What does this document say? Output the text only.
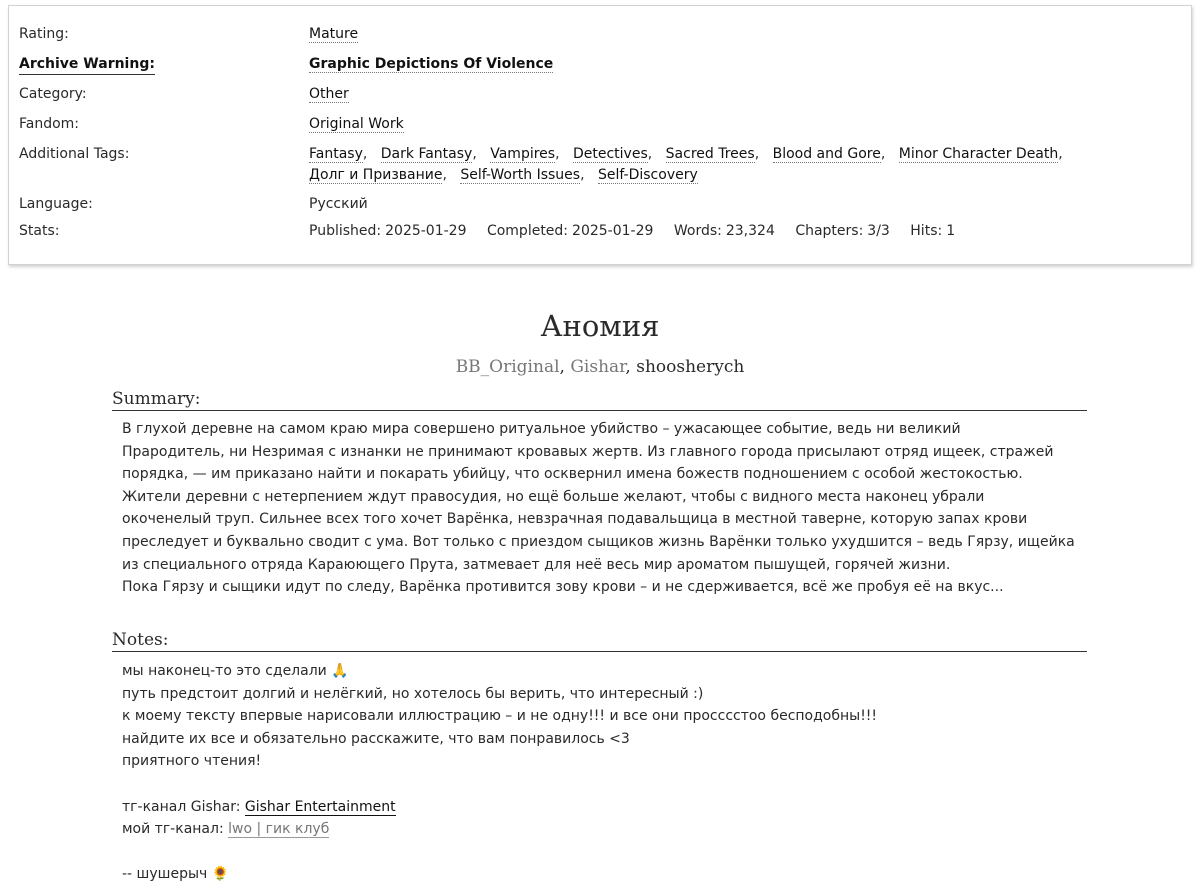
Rating:	Mature
Archive Warning:	Graphic Depictions Of Violence
Category:	Other
Fandom:	Original Work
Additional Tags:	Fantasy, Dark Fantasy, Vampires, Detectives, Sacred Trees, Blood and Gore, Minor Character Death, Долг и Призвание, Self-Worth Issues, Self-Discovery
Language:	Русский
Stats:	Published: 2025-01-29 Completed: 2025-01-29 Words: 23,324 Chapters: 3/3 Hits: 1
Аномия
BB_Original, Gishar, shoosherych
Summary:

В глухой деревне на самом краю мира совершено ритуальное убийство – ужасающее событие, ведь ни великий

Прародитель, ни Незримая с изнанки не принимают кровавых жертв. Из главного города присылают отряд ищеек, стражей

порядка, — им приказано найти и покарать убийцу, что осквернил имена божеств подношением с особой жестокостью.

Жители деревни с нетерпением ждут правосудия, но ещё больше желают, чтобы с видного места наконец убрали

окоченелый труп. Сильнее всех того хочет Варёнка, невзрачная подавальщица в местной таверне, которую запах крови

преследует и буквально сводит с ума. Вот только с приездом сыщиков жизнь Варёнки только ухудшится – ведь Гярзу, ищейка

из специального отряда Караюющего Прута, затмевает для неё весь мир ароматом пышущей, горячей жизни.

Пока Гярзу и сыщики идут по следу, Варёнка противится зову крови – и не сдерживается, всё же пробуя её на вкус...

Notes:

мы наконец-то это сделали 🙏

путь предстоит долгий и нелёгкий, но хотелось бы верить, что интересный :)

к моему тексту впервые нарисовали иллюстрацию – и не одну!!! и все они просссстоо бесподобны!!!

найдите их все и обязательно расскажите, что вам понравилось <3

приятного чтения!

тг-канал Gishar: Gishar Entertainment

мой тг-канал: lwo | гик клуб

-- шушерыч 🌻
